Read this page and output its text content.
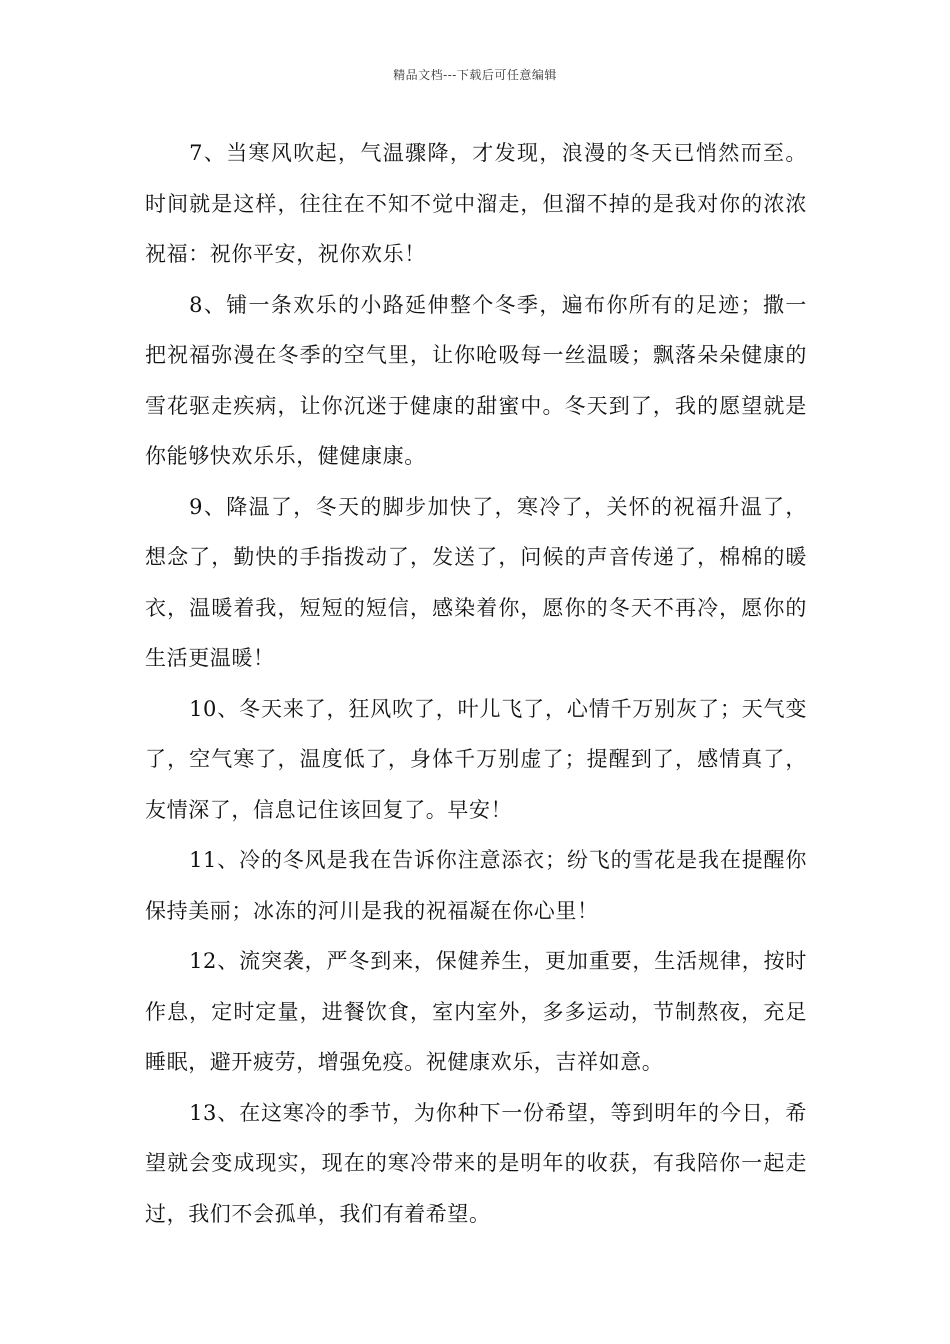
精品文档---下载后可任意编辑

7、当寒风吹起，气温骤降，才发现，浪漫的冬天已悄然而至。时间就是这样，往往在不知不觉中溜走，但溜不掉的是我对你的浓浓祝福：祝你平安，祝你欢乐！

8、铺一条欢乐的小路延伸整个冬季，遍布你所有的足迹；撒一把祝福弥漫在冬季的空气里，让你呛吸每一丝温暖；飘落朵朵健康的雪花驱走疾病，让你沉迷于健康的甜蜜中。冬天到了，我的愿望就是你能够快欢乐乐，健健康康。

9、降温了，冬天的脚步加快了，寒冷了，关怀的祝福升温了，想念了，勤快的手指拨动了，发送了，问候的声音传递了，棉棉的暖衣，温暖着我，短短的短信，感染着你，愿你的冬天不再冷，愿你的生活更温暖！

10、冬天来了，狂风吹了，叶儿飞了，心情千万别灰了；天气变了，空气寒了，温度低了，身体千万别虚了；提醒到了，感情真了，友情深了，信息记住该回复了。早安！

11、冷的冬风是我在告诉你注意添衣；纷飞的雪花是我在提醒你保持美丽；冰冻的河川是我的祝福凝在你心里！

12、流突袭，严冬到来，保健养生，更加重要，生活规律，按时作息，定时定量，进餐饮食，室内室外，多多运动，节制熬夜，充足睡眠，避开疲劳，增强免疫。祝健康欢乐，吉祥如意。

13、在这寒冷的季节，为你种下一份希望，等到明年的今日，希望就会变成现实，现在的寒冷带来的是明年的收获，有我陪你一起走过，我们不会孤单，我们有着希望。
